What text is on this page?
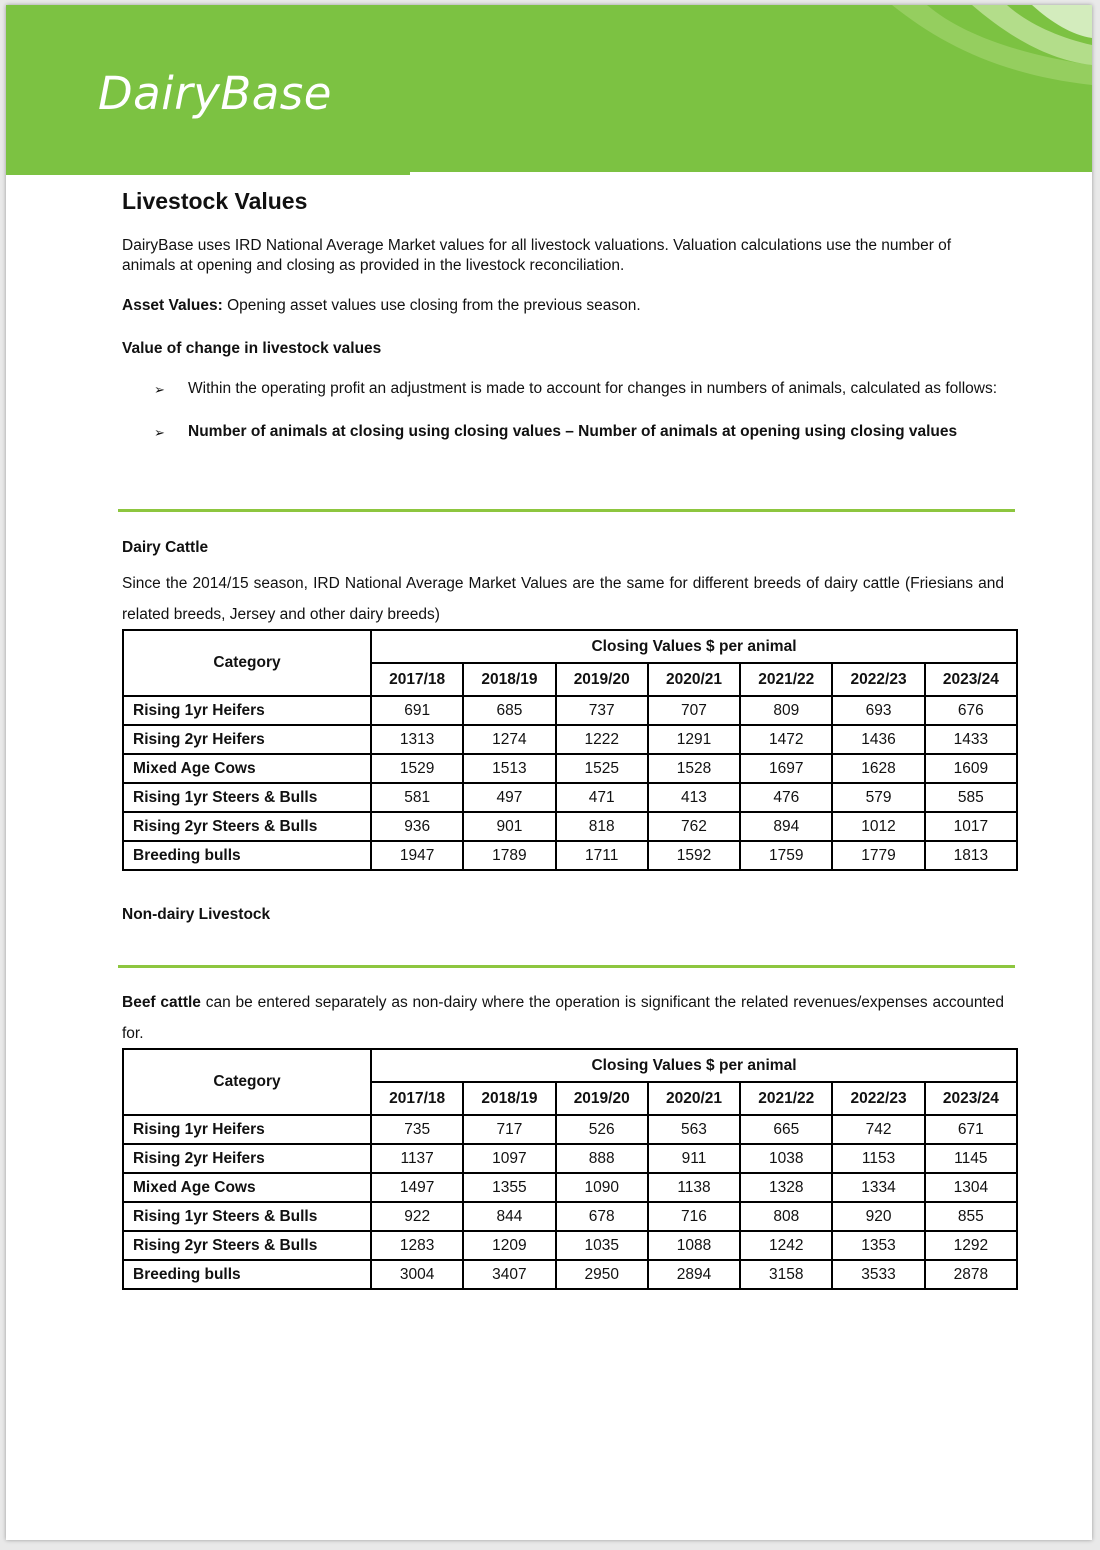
DairyBase
Livestock Values

DairyBase uses IRD National Average Market values for all livestock valuations. Valuation calculations use the number of animals at opening and closing as provided in the livestock reconciliation.

Asset Values: Opening asset values use closing from the previous season.

Value of change in livestock values

➢ Within the operating profit an adjustment is made to account for changes in numbers of animals, calculated as follows:
➢ Number of animals at closing using closing values – Number of animals at opening using closing values

Dairy Cattle

Since the 2014/15 season, IRD National Average Market Values are the same for different breeds of dairy cattle (Friesians and related breeds, Jersey and other dairy breeds)

Category	Closing Values $ per animal						
	2017/18	2018/19	2019/20	2020/21	2021/22	2022/23	2023/24
Rising 1yr Heifers	691	685	737	707	809	693	676
Rising 2yr Heifers	1313	1274	1222	1291	1472	1436	1433
Mixed Age Cows	1529	1513	1525	1528	1697	1628	1609
Rising 1yr Steers & Bulls	581	497	471	413	476	579	585
Rising 2yr Steers & Bulls	936	901	818	762	894	1012	1017
Breeding bulls	1947	1789	1711	1592	1759	1779	1813

Non-dairy Livestock

Beef cattle can be entered separately as non-dairy where the operation is significant the related revenues/expenses accounted for.

Category	Closing Values $ per animal						
	2017/18	2018/19	2019/20	2020/21	2021/22	2022/23	2023/24
Rising 1yr Heifers	735	717	526	563	665	742	671
Rising 2yr Heifers	1137	1097	888	911	1038	1153	1145
Mixed Age Cows	1497	1355	1090	1138	1328	1334	1304
Rising 1yr Steers & Bulls	922	844	678	716	808	920	855
Rising 2yr Steers & Bulls	1283	1209	1035	1088	1242	1353	1292
Breeding bulls	3004	3407	2950	2894	3158	3533	2878
